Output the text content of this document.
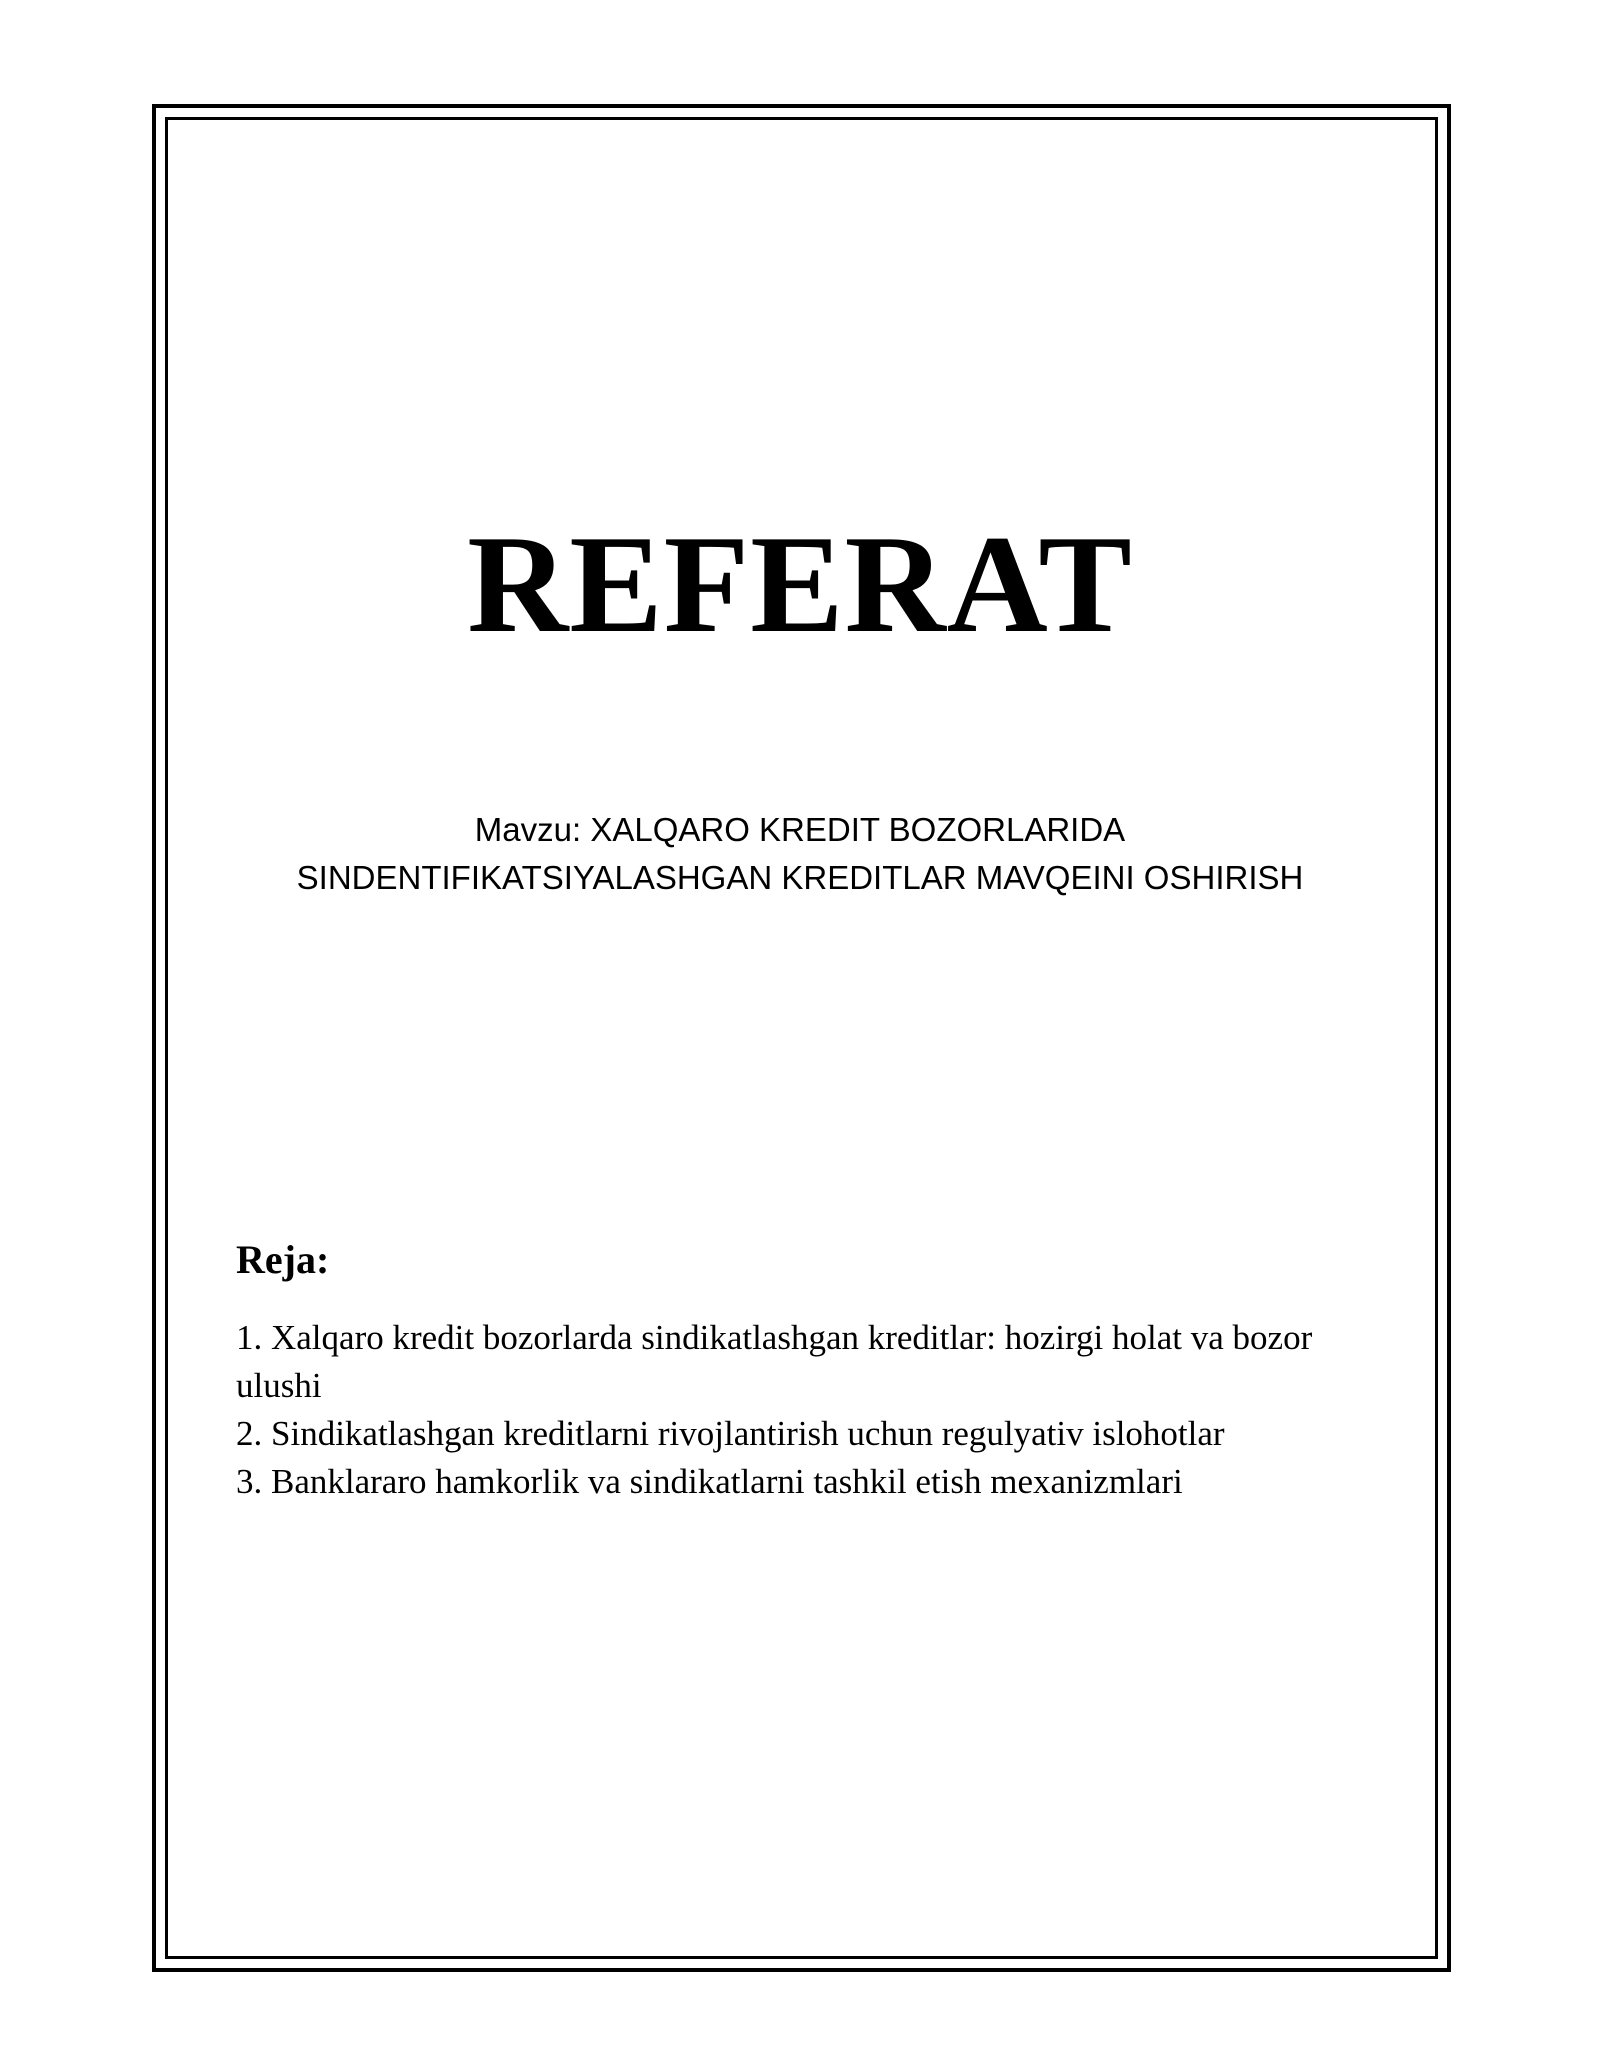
REFERAT

Mavzu: XALQARO KREDIT BOZORLARIDA
SINDENTIFIKATSIYALASHGAN KREDITLAR MAVQEINI OSHIRISH

Reja:
1. Xalqaro kredit bozorlarda sindikatlashgan kreditlar: hozirgi holat va bozor ulushi
2. Sindikatlashgan kreditlarni rivojlantirish uchun regulyativ islohotlar
3. Banklararo hamkorlik va sindikatlarni tashkil etish mexanizmlari
